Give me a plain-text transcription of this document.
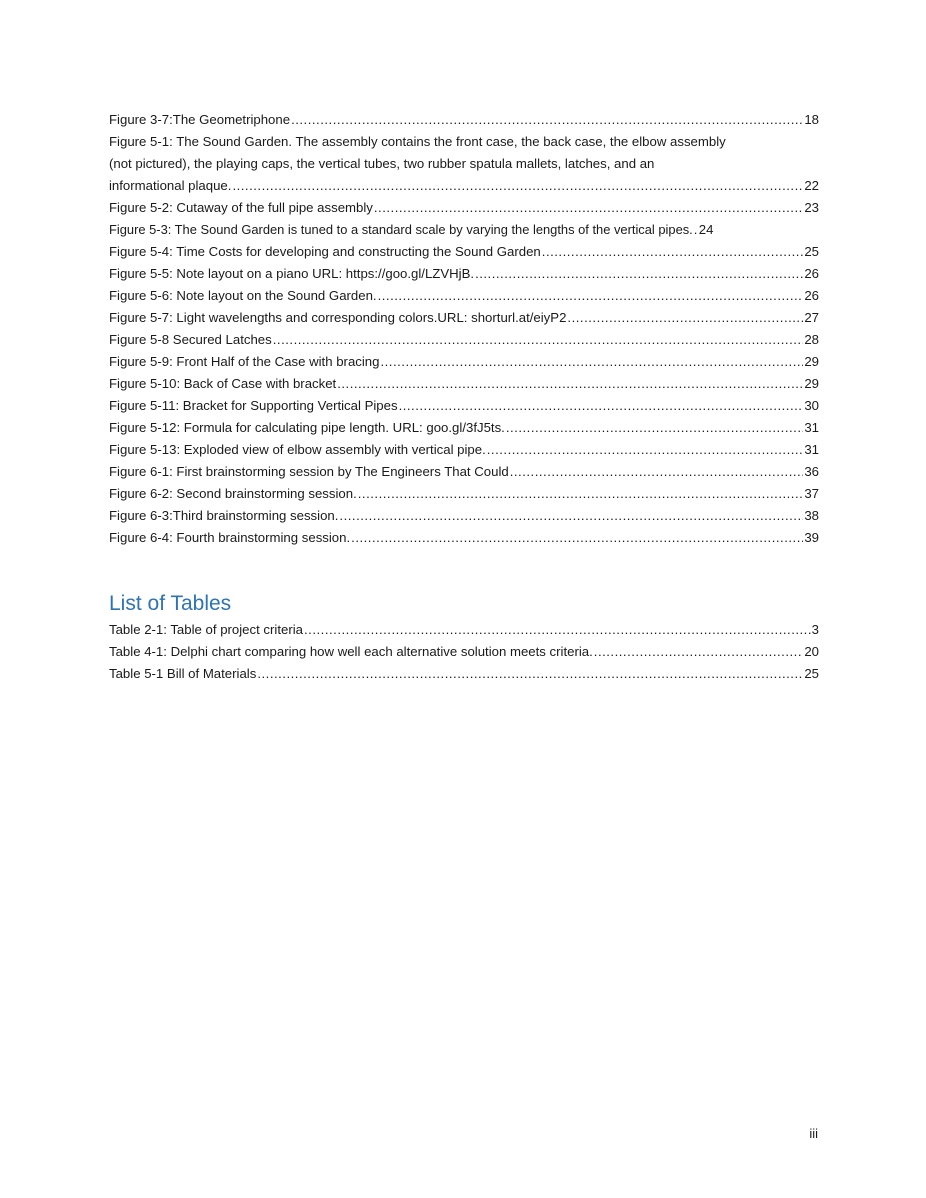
Figure 3-7:The Geometriphone .....	18
Figure 5-1: The Sound Garden. The assembly contains the front case, the back case, the elbow assembly
(not pictured), the playing caps, the vertical tubes, two rubber spatula mallets, latches, and an
informational plaque. .....	22
Figure 5-2: Cutaway of the full pipe assembly .....	23
Figure 5-3: The Sound Garden is tuned to a standard scale by varying the lengths of the vertical pipes. ..... 24
Figure 5-4: Time Costs for developing and constructing the Sound Garden .....	25
Figure 5-5: Note layout on a piano URL: https://goo.gl/LZVHjB. .....	26
Figure 5-6: Note layout on the Sound Garden. .....	26
Figure 5-7: Light wavelengths and corresponding colors.URL: shorturl.at/eiyP2 .....	27
Figure 5-8 Secured Latches .....	28
Figure 5-9: Front Half of the Case with bracing .....	29
Figure 5-10: Back of Case with bracket .....	29
Figure 5-11: Bracket for Supporting Vertical Pipes .....	30
Figure 5-12: Formula for calculating pipe length. URL: goo.gl/3fJ5ts. .....	31
Figure 5-13: Exploded view of elbow assembly with vertical pipe. .....	31
Figure 6-1: First brainstorming session by The Engineers That Could .....	36
Figure 6-2: Second brainstorming session. .....	37
Figure 6-3:Third brainstorming session. .....	38
Figure 6-4: Fourth brainstorming session. .....	39
List of Tables
Table 2-1: Table of project criteria .....	3
Table 4-1: Delphi chart comparing how well each alternative solution meets criteria. .....	20
Table 5-1 Bill of Materials .....	25
iii
